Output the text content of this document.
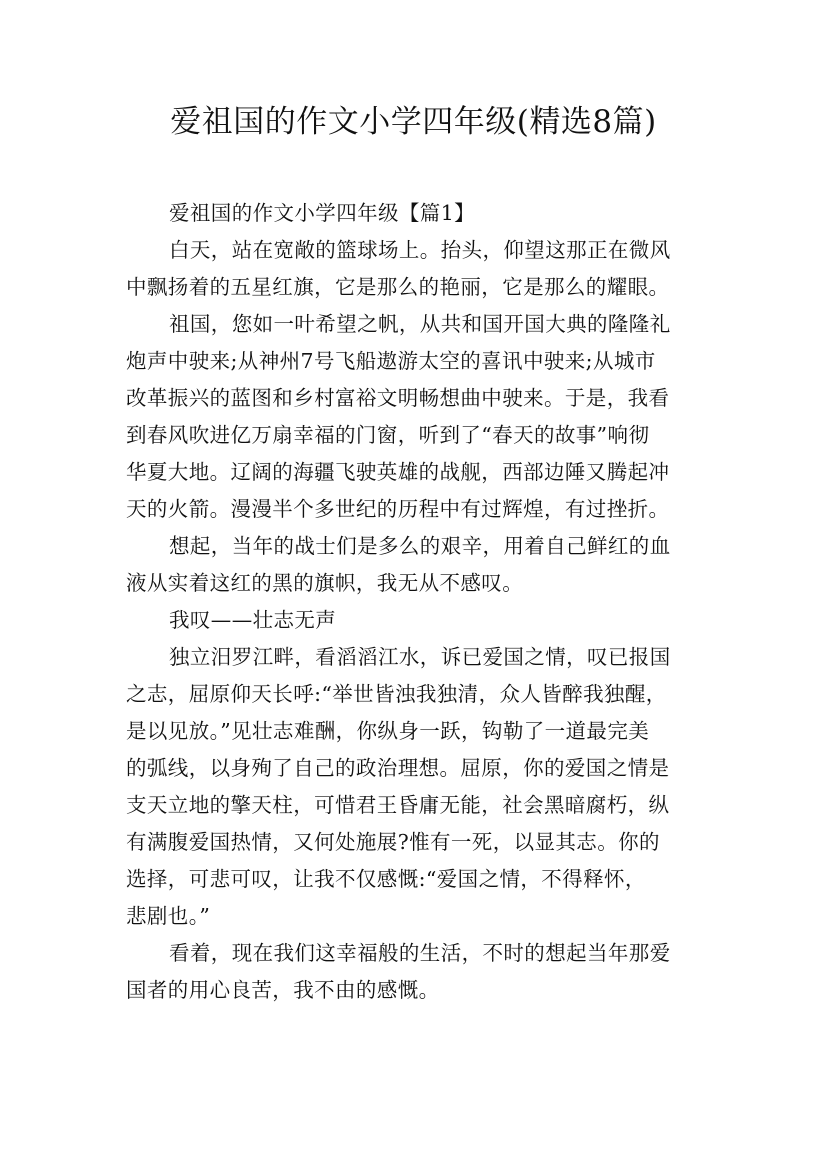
爱祖国的作文小学四年级(精选8篇)
爱祖国的作文小学四年级【篇1】
白天，站在宽敞的篮球场上。抬头，仰望这那正在微风
中飘扬着的五星红旗，它是那么的艳丽，它是那么的耀眼。
祖国，您如一叶希望之帆，从共和国开国大典的隆隆礼
炮声中驶来;从神州7号飞船遨游太空的喜讯中驶来;从城市
改革振兴的蓝图和乡村富裕文明畅想曲中驶来。于是，我看
到春风吹进亿万扇幸福的门窗，听到了“春天的故事”响彻
华夏大地。辽阔的海疆飞驶英雄的战舰，西部边陲又腾起冲
天的火箭。漫漫半个多世纪的历程中有过辉煌，有过挫折。
想起，当年的战士们是多么的艰辛，用着自己鲜红的血
液从实着这红的黑的旗帜，我无从不感叹。
我叹——壮志无声
独立汨罗江畔，看滔滔江水，诉已爱国之情，叹已报国
之志，屈原仰天长呼:“举世皆浊我独清，众人皆醉我独醒，
是以见放。”见壮志难酬，你纵身一跃，钩勒了一道最完美
的弧线，以身殉了自己的政治理想。屈原，你的爱国之情是
支天立地的擎天柱，可惜君王昏庸无能，社会黑暗腐朽，纵
有满腹爱国热情，又何处施展?惟有一死，以显其志。你的
选择，可悲可叹，让我不仅感慨:“爱国之情，不得释怀，
悲剧也。”
看着，现在我们这幸福般的生活，不时的想起当年那爱
国者的用心良苦，我不由的感慨。
